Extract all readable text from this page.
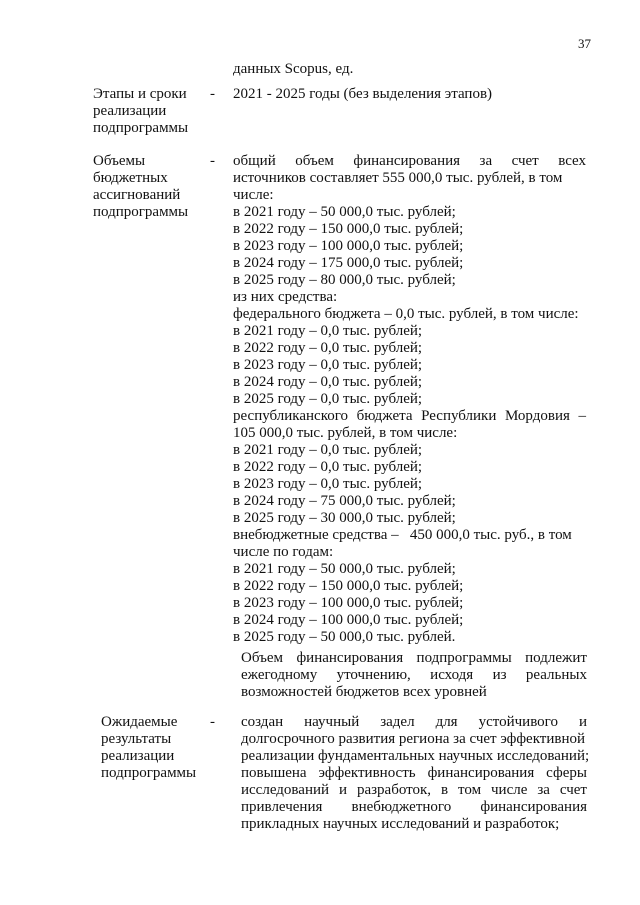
37
данных Scopus, ед.
Этапы и сроки
реализации
подпрограммы
- 2021 - 2025 годы (без выделения этапов)
Объемы
бюджетных
ассигнований
подпрограммы
- общий объем финансирования за счет всех
источников составляет 555 000,0 тыс. рублей, в том
числе:
в 2021 году – 50 000,0 тыс. рублей;
в 2022 году – 150 000,0 тыс. рублей;
в 2023 году – 100 000,0 тыс. рублей;
в 2024 году – 175 000,0 тыс. рублей;
в 2025 году – 80 000,0 тыс. рублей;
из них средства:
федерального бюджета – 0,0 тыс. рублей, в том числе:
в 2021 году – 0,0 тыс. рублей;
в 2022 году – 0,0 тыс. рублей;
в 2023 году – 0,0 тыс. рублей;
в 2024 году – 0,0 тыс. рублей;
в 2025 году – 0,0 тыс. рублей;
республиканского бюджета Республики Мордовия –
105 000,0 тыс. рублей, в том числе:
в 2021 году – 0,0 тыс. рублей;
в 2022 году – 0,0 тыс. рублей;
в 2023 году – 0,0 тыс. рублей;
в 2024 году – 75 000,0 тыс. рублей;
в 2025 году – 30 000,0 тыс. рублей;
внебюджетные средства –   450 000,0 тыс. руб., в том
числе по годам:
в 2021 году – 50 000,0 тыс. рублей;
в 2022 году – 150 000,0 тыс. рублей;
в 2023 году – 100 000,0 тыс. рублей;
в 2024 году – 100 000,0 тыс. рублей;
в 2025 году – 50 000,0 тыс. рублей.
Объем финансирования подпрограммы подлежит
ежегодному уточнению, исходя из реальных
возможностей бюджетов всех уровней
Ожидаемые
результаты
реализации
подпрограммы
- создан научный задел для устойчивого и
долгосрочного развития региона за счет эффективной
реализации фундаментальных научных исследований;
повышена эффективность финансирования сферы
исследований и разработок, в том числе за счет
привлечения внебюджетного финансирования
прикладных научных исследований и разработок;
